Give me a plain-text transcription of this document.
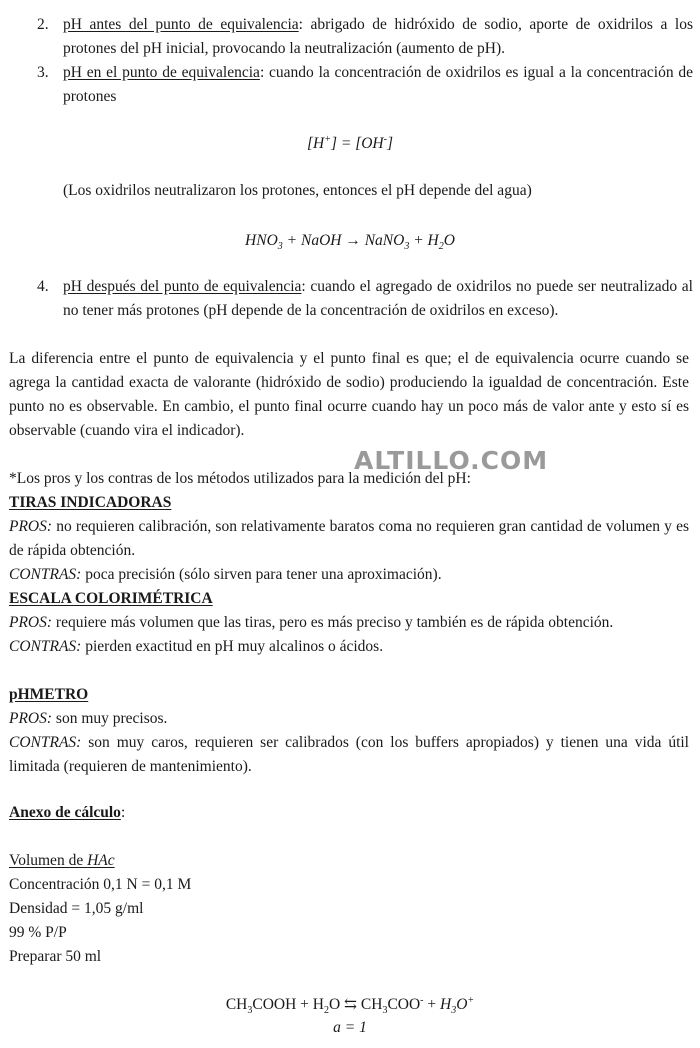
2. pH antes del punto de equivalencia: abrigado de hidróxido de sodio, aporte de oxidrilos a los protones del pH inicial, provocando la neutralización (aumento de pH).
3. pH en el punto de equivalencia: cuando la concentración de oxidrilos es igual a la concentración de protones
[H+] = [OH-]
(Los oxidrilos neutralizaron los protones, entonces el pH depende del agua)
$HNO_3$ + NaOH → NaNO$_3$ + $H_2O$
4. pH después del punto de equivalencia: cuando el agregado de oxidrilos no puede ser neutralizado al no tener más protones (pH depende de la concentración de oxidrilos en exceso).
La diferencia entre el punto de equivalencia y el punto final es que; el de equivalencia ocurre cuando se agrega la cantidad exacta de valorante (hidróxido de sodio) produciendo la igualdad de concentración. Este punto no es observable. En cambio, el punto final ocurre cuando hay un poco más de valor ante y esto sí es observable (cuando vira el indicador).
ALTILLO.COM
*Los pros y los contras de los métodos utilizados para la medición del pH:
TIRAS INDICADORAS
PROS: no requieren calibración, son relativamente baratos coma no requieren gran cantidad de volumen y es de rápida obtención.
CONTRAS: poca precisión (sólo sirven para tener una aproximación).
ESCALA COLORIMÉTRICA
PROS: requiere más volumen que las tiras, pero es más preciso y también es de rápida obtención.
CONTRAS: pierden exactitud en pH muy alcalinos o ácidos.
pHMETRO
PROS: son muy precisos.
CONTRAS: son muy caros, requieren ser calibrados (con los buffers apropiados) y tienen una vida útil limitada (requieren de mantenimiento).
Anexo de cálculo:
Volumen de HAc
Concentración 0,1 N = 0,1 M
Densidad = 1,05 g/ml
99 % P/P
Preparar 50 ml
$CH_3COOH + H_2O$ ⇆ $CH_3COO^- + H_3O^+$
a = 1
